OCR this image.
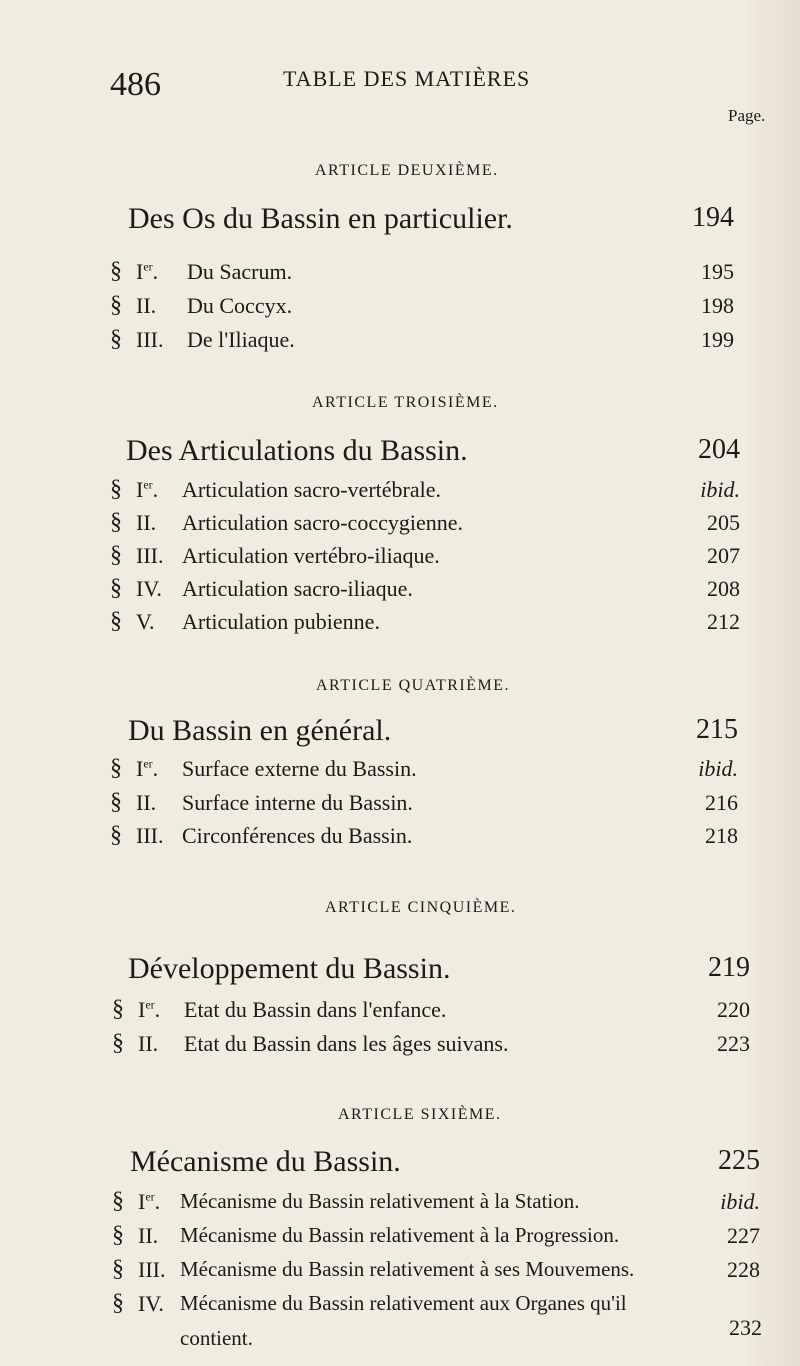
486	TABLE DES MATIÈRES
Page.
ARTICLE DEUXIÈME.
Des Os du Bassin en particulier.	194
§ Ier. Du Sacrum.	195
§ II. Du Coccyx.	198
§ III. De l'Iliaque.	199
ARTICLE TROISIÈME.
Des Articulations du Bassin.	204
§ Ier. Articulation sacro-vertébrale.	ibid.
§ II. Articulation sacro-coccygienne.	205
§ III. Articulation vertébro-iliaque.	207
§ IV. Articulation sacro-iliaque.	208
§ V. Articulation pubienne.	212
ARTICLE QUATRIÈME.
Du Bassin en général.	215
§ Ier. Surface externe du Bassin.	ibid.
§ II. Surface interne du Bassin.	216
§ III. Circonférences du Bassin.	218
ARTICLE CINQUIÈME.
Développement du Bassin.	219
§ Ier. Etat du Bassin dans l'enfance.	220
§ II. Etat du Bassin dans les âges suivans.	223
ARTICLE SIXIÈME.
Mécanisme du Bassin.	225
§ Ier. Mécanisme du Bassin relativement à la Station.	ibid.
§ II. Mécanisme du Bassin relativement à la Progression.	227
§ III. Mécanisme du Bassin relativement à ses Mouvemens.	228
§ IV. Mécanisme du Bassin relativement aux Organes qu'il
contient.	232
